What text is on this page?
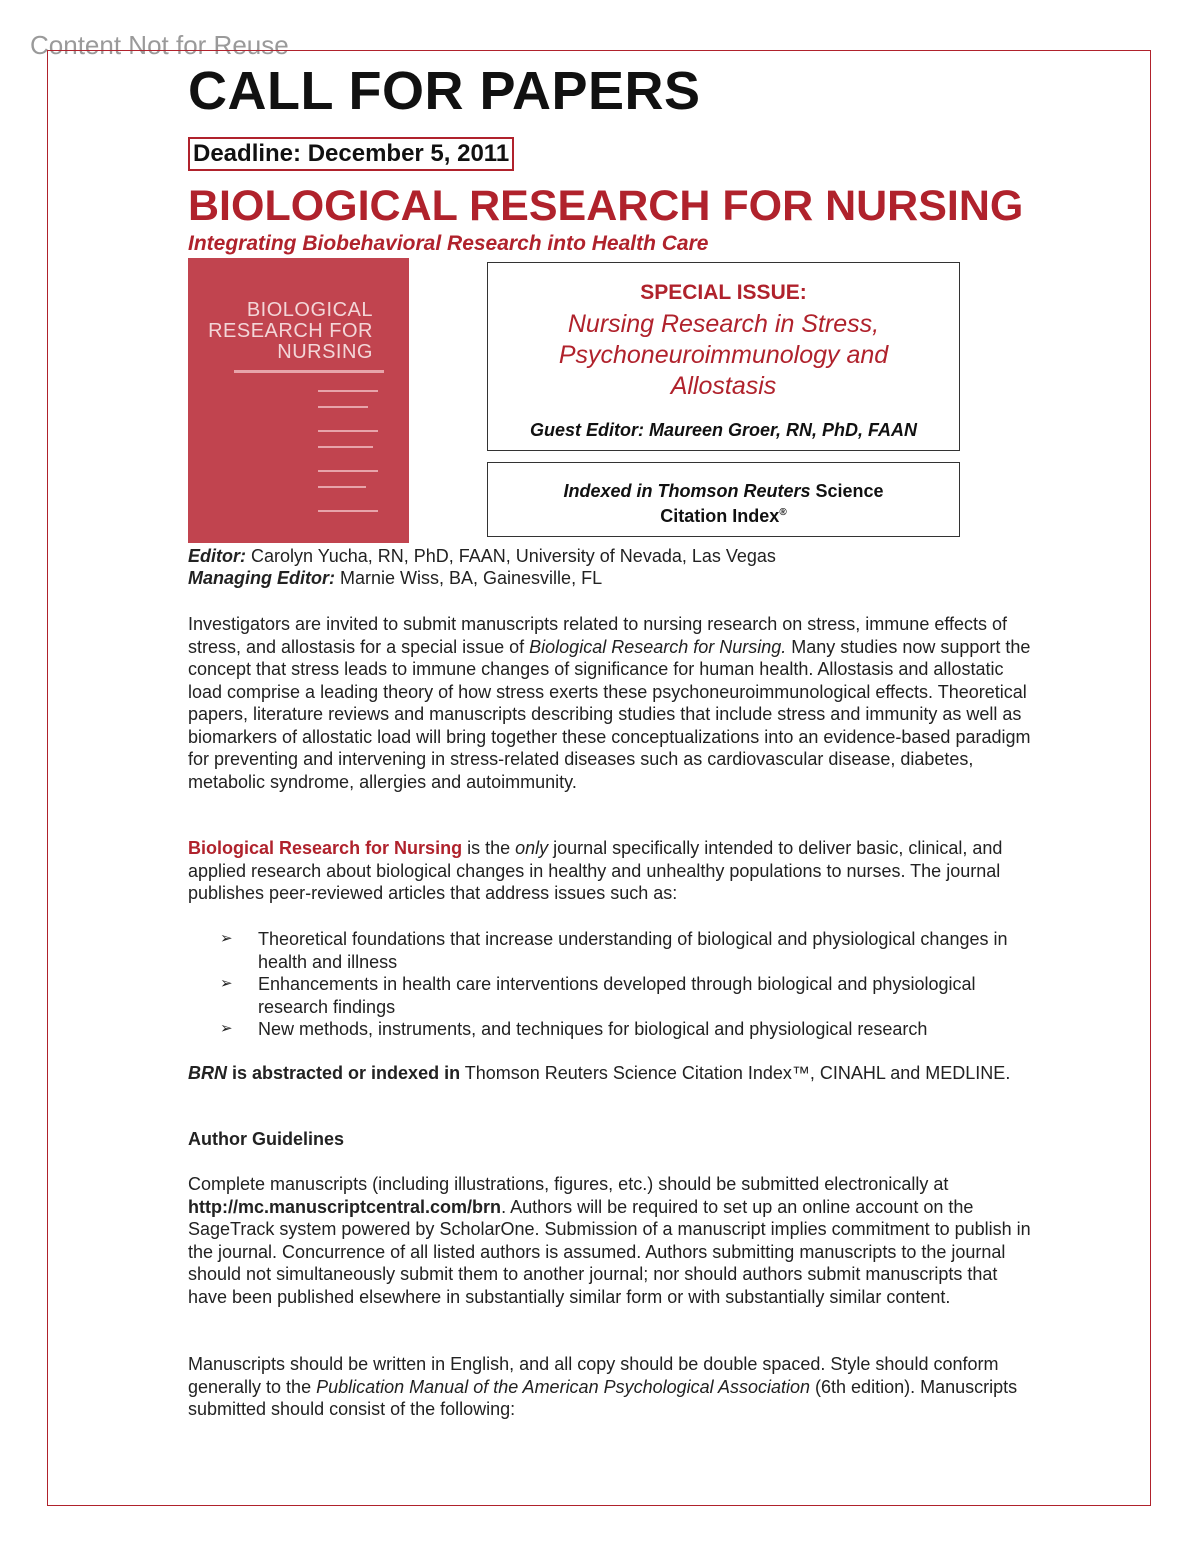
Content Not for Reuse
CALL FOR PAPERS
Deadline: December 5, 2011
BIOLOGICAL RESEARCH FOR NURSING
Integrating Biobehavioral Research into Health Care
BIOLOGICAL
RESEARCH FOR
NURSING
SPECIAL ISSUE:
Nursing Research in Stress,
Psychoneuroimmunology and
Allostasis
Guest Editor: Maureen Groer, RN, PhD, FAAN
Indexed in Thomson Reuters Science
Citation Index®
Editor: Carolyn Yucha, RN, PhD, FAAN, University of Nevada, Las Vegas
Managing Editor: Marnie Wiss, BA, Gainesville, FL

Investigators are invited to submit manuscripts related to nursing research on stress, immune effects of stress, and allostasis for a special issue of Biological Research for Nursing. Many studies now support the concept that stress leads to immune changes of significance for human health. Allostasis and allostatic load comprise a leading theory of how stress exerts these psychoneuroimmunological effects. Theoretical papers, literature reviews and manuscripts describing studies that include stress and immunity as well as biomarkers of allostatic load will bring together these conceptualizations into an evidence-based paradigm for preventing and intervening in stress-related diseases such as cardiovascular disease, diabetes, metabolic syndrome, allergies and autoimmunity.

Biological Research for Nursing is the only journal specifically intended to deliver basic, clinical, and applied research about biological changes in healthy and unhealthy populations to nurses. The journal publishes peer-reviewed articles that address issues such as:

➢	Theoretical foundations that increase understanding of biological and physiological changes in health and illness
➢	Enhancements in health care interventions developed through biological and physiological research findings
➢	New methods, instruments, and techniques for biological and physiological research

BRN is abstracted or indexed in Thomson Reuters Science Citation Index™, CINAHL and MEDLINE.

Author Guidelines

Complete manuscripts (including illustrations, figures, etc.) should be submitted electronically at http://mc.manuscriptcentral.com/brn. Authors will be required to set up an online account on the SageTrack system powered by ScholarOne. Submission of a manuscript implies commitment to publish in the journal. Concurrence of all listed authors is assumed. Authors submitting manuscripts to the journal should not simultaneously submit them to another journal; nor should authors submit manuscripts that have been published elsewhere in substantially similar form or with substantially similar content.

Manuscripts should be written in English, and all copy should be double spaced. Style should conform generally to the Publication Manual of the American Psychological Association (6th edition). Manuscripts submitted should consist of the following:
